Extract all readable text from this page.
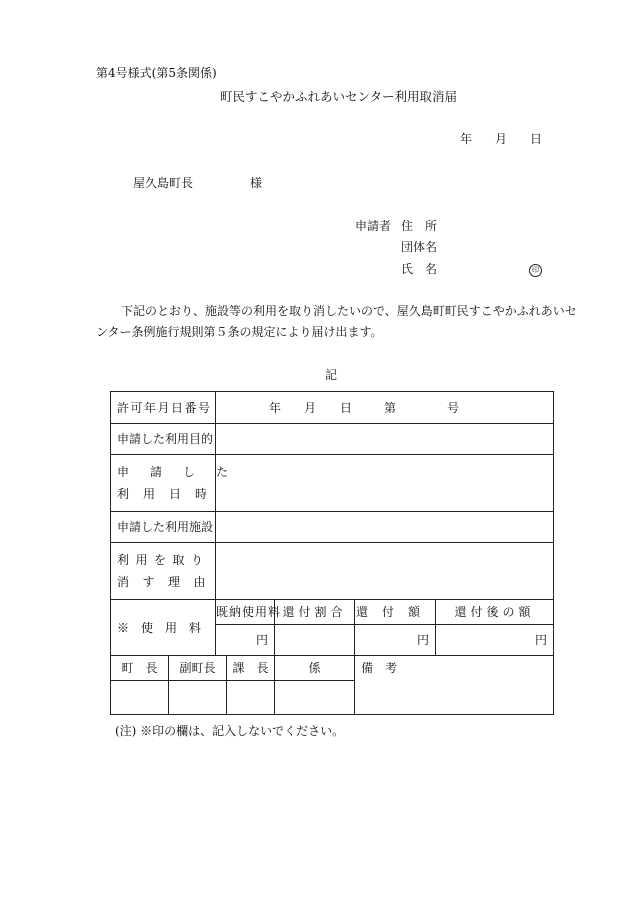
第4号様式(第5条関係)
町民すこやかふれあいセンター利用取消届
年 月 日
屋久島町長	様
申請者 住　所
団体名
氏　名	印
下記のとおり、施設等の利用を取り消したいので、屋久島町町民すこやかふれあいセ
ンター条例施行規則第５条の規定により届け出ます。
記
許可年月日番号		年 月 日 第 号				

申請した利用目的						

申請した
利用日時						

申請した利用施設						

利用を取り
消す理由						

※　使　用　料		既納使用料		還付割合	還付額	還付後の額
		円			円	円
町　長	副町長		課　長	係	備　考	

(注) ※印の欄は、記入しないでください。
